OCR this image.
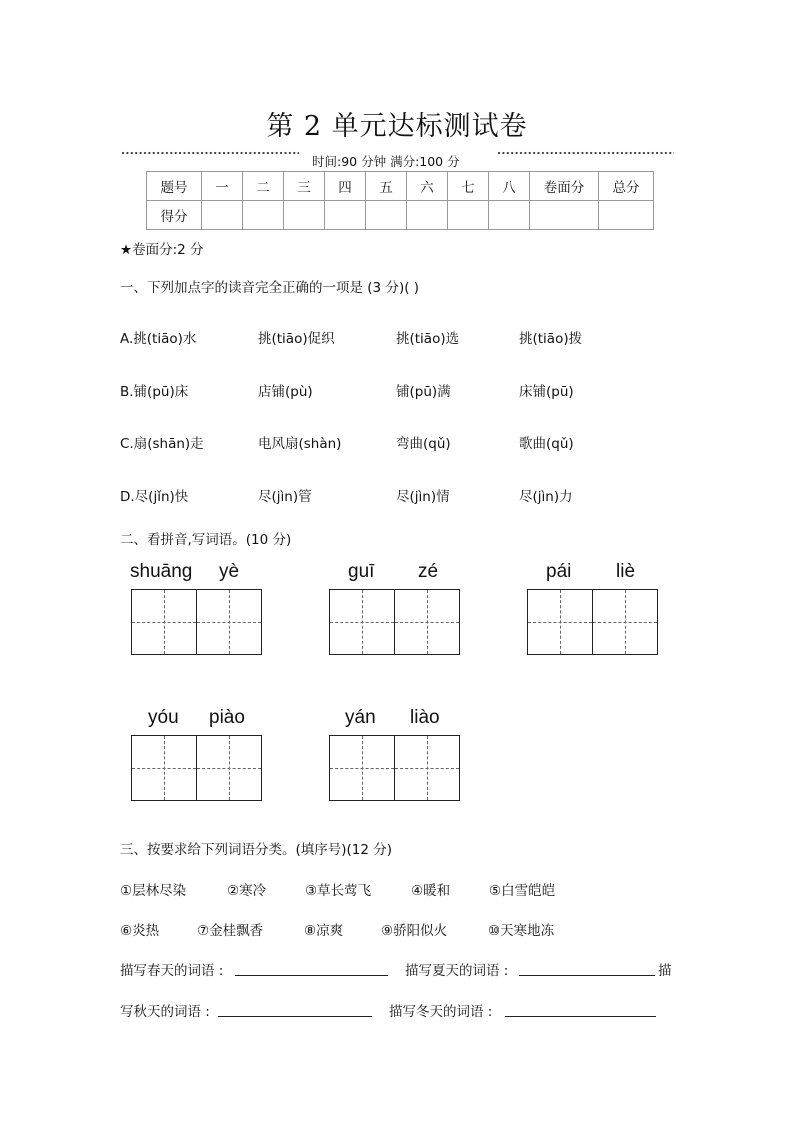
第 2 单元达标测试卷
时间:90 分钟 满分:100 分
题号	一	二	三	四	五	六	七	八	卷面分	总分
得分										
★卷面分:2 分
一、下列加点字的读音完全正确的一项是 (3 分)( )
A.挑(tiāo)水	挑(tiāo)促织	挑(tiāo)选	挑(tiāo)拨
B.铺(pū)床	店铺(pù)	铺(pū)满	床铺(pū)
C.扇(shān)走	电风扇(shàn)	弯曲(qǔ)	歌曲(qǔ)
D.尽(jǐn)快	尽(jìn)管	尽(jìn)情	尽(jìn)力
二、看拼音,写词语。(10 分)
shuāng yè	guī zé	pái liè
yóu piào	yán liào
三、按要求给下列词语分类。(填序号)(12 分)
①层林尽染	②寒冷	③草长莺飞	④暖和	⑤白雪皑皑
⑥炎热	⑦金桂飘香	⑧凉爽	⑨骄阳似火	⑩天寒地冻
描写春天的词语 :	描写夏天的词语 :	描
写秋天的词语 :	描写冬天的词语 :
